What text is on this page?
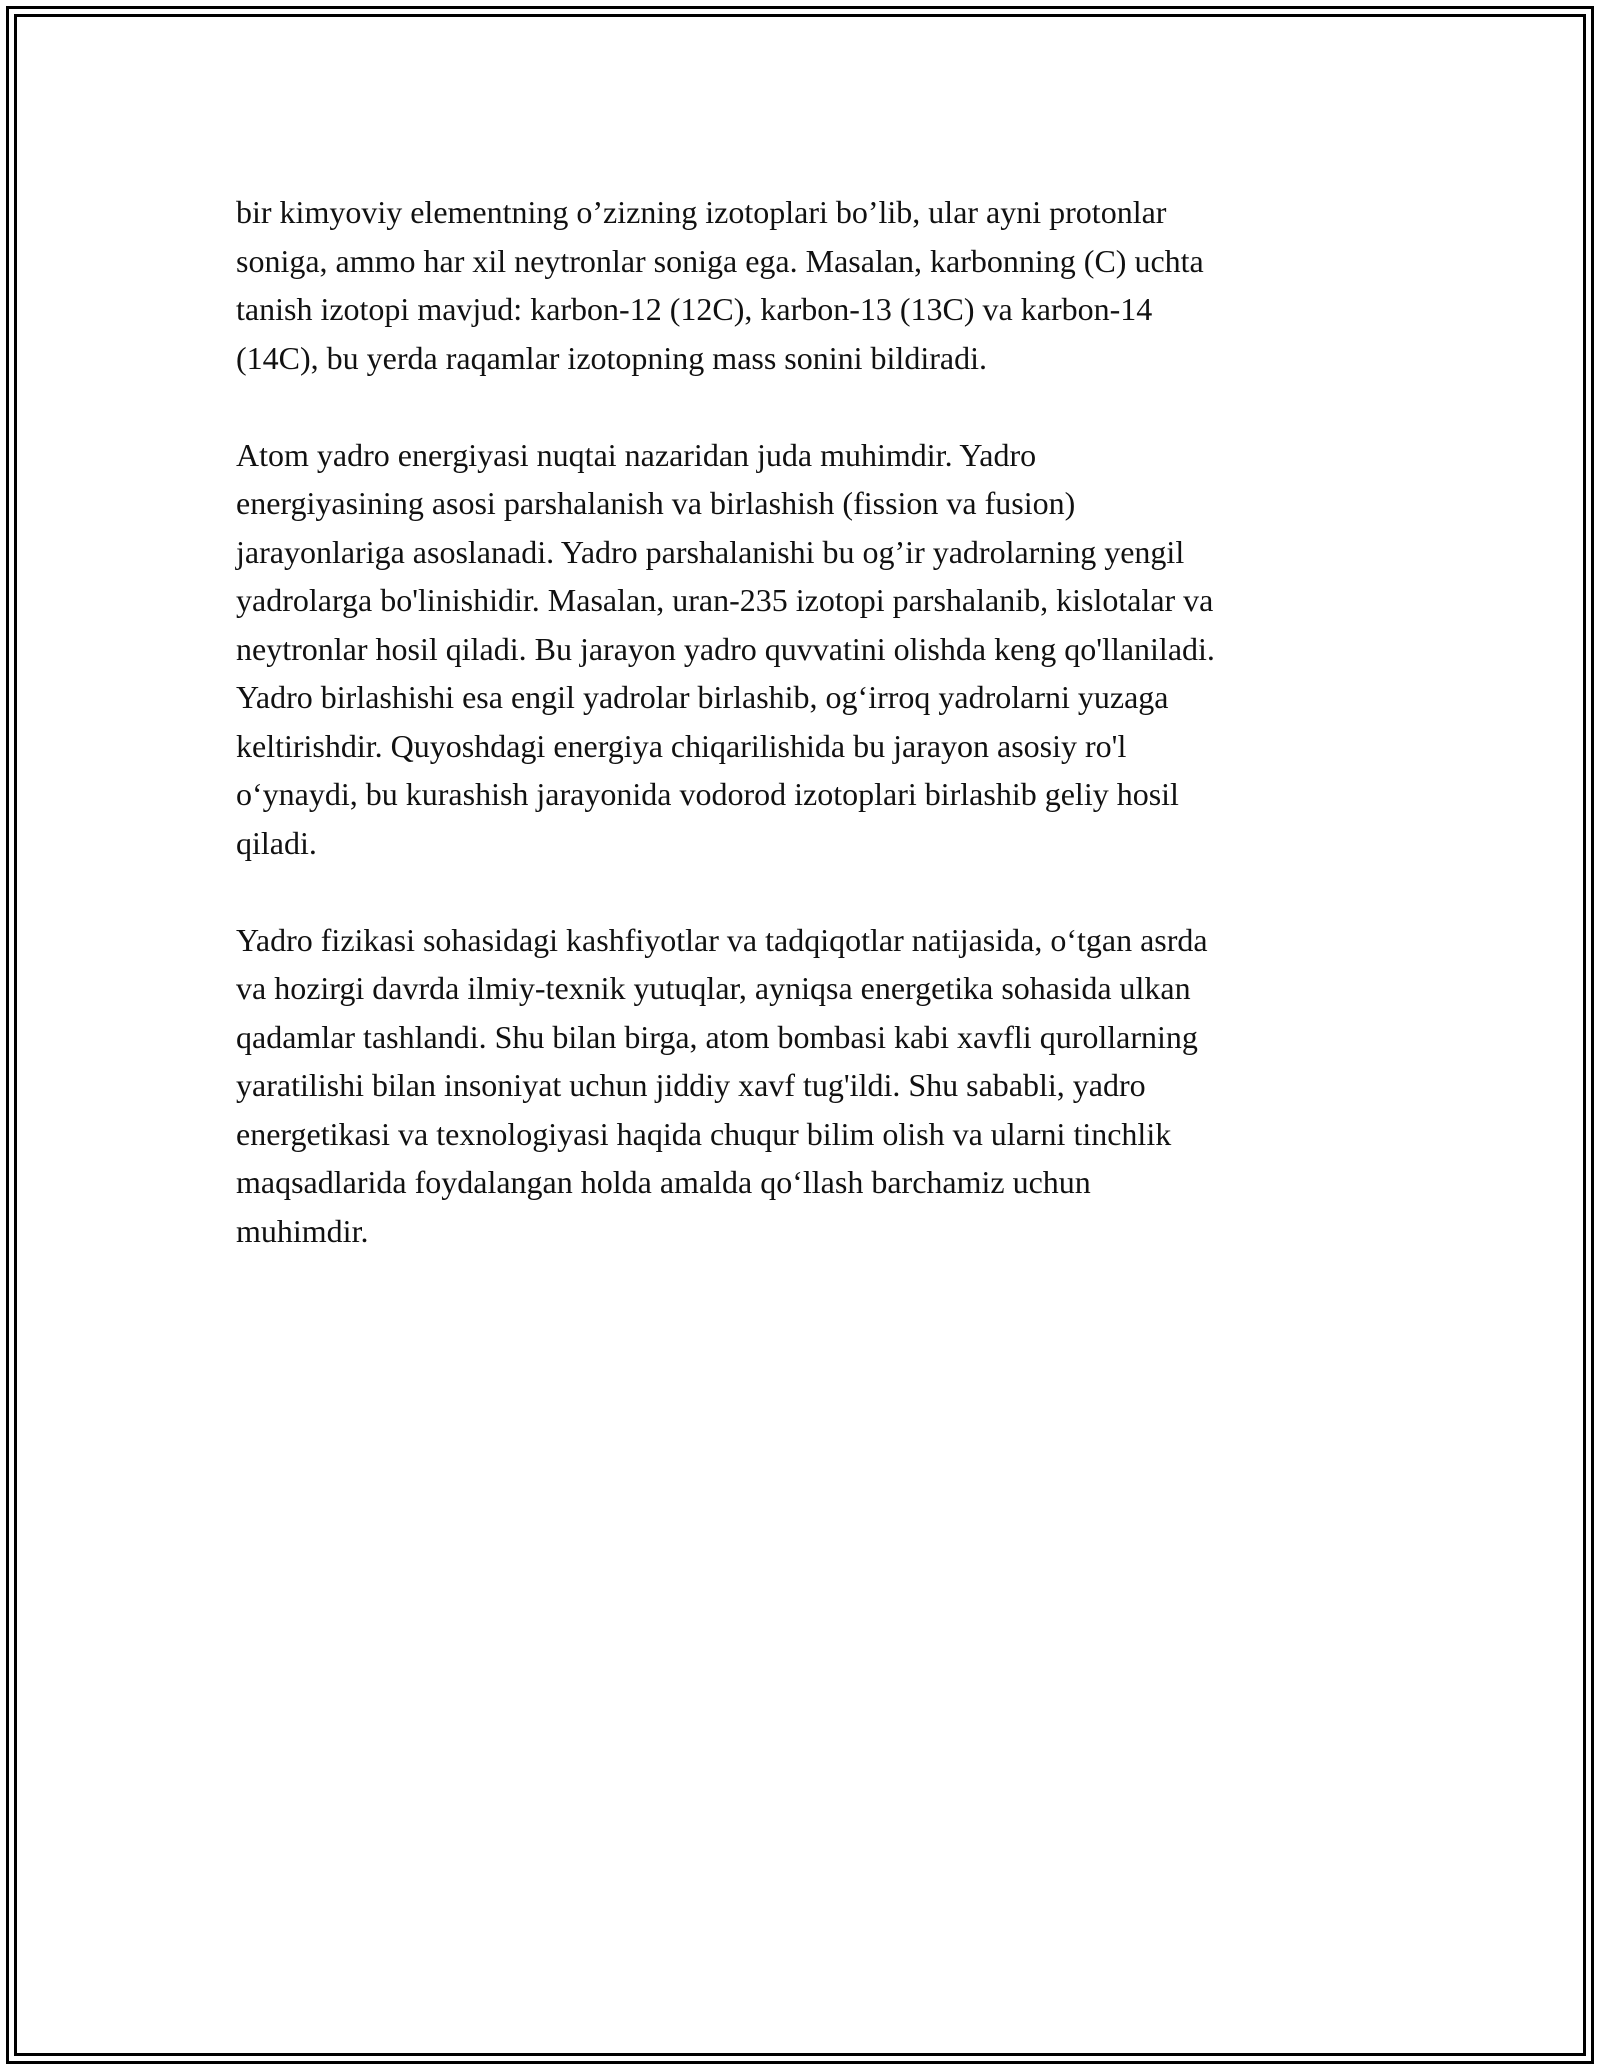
bir kimyoviy elementning o’zizning izotoplari bo’lib, ular ayni protonlar
soniga, ammo har xil neytronlar soniga ega. Masalan, karbonning (C) uchta
tanish izotopi mavjud: karbon-12 (12C), karbon-13 (13C) va karbon-14
(14C), bu yerda raqamlar izotopning mass sonini bildiradi.
Atom yadro energiyasi nuqtai nazaridan juda muhimdir. Yadro
energiyasining asosi parshalanish va birlashish (fission va fusion)
jarayonlariga asoslanadi. Yadro parshalanishi bu og’ir yadrolarning yengil
yadrolarga bo'linishidir. Masalan, uran-235 izotopi parshalanib, kislotalar va
neytronlar hosil qiladi. Bu jarayon yadro quvvatini olishda keng qo'llaniladi.
Yadro birlashishi esa engil yadrolar birlashib, og‘irroq yadrolarni yuzaga
keltirishdir. Quyoshdagi energiya chiqarilishida bu jarayon asosiy ro'l
o‘ynaydi, bu kurashish jarayonida vodorod izotoplari birlashib geliy hosil
qiladi.
Yadro fizikasi sohasidagi kashfiyotlar va tadqiqotlar natijasida, o‘tgan asrda
va hozirgi davrda ilmiy-texnik yutuqlar, ayniqsa energetika sohasida ulkan
qadamlar tashlandi. Shu bilan birga, atom bombasi kabi xavfli qurollarning
yaratilishi bilan insoniyat uchun jiddiy xavf tug'ildi. Shu sababli, yadro
energetikasi va texnologiyasi haqida chuqur bilim olish va ularni tinchlik
maqsadlarida foydalangan holda amalda qo‘llash barchamiz uchun
muhimdir.
